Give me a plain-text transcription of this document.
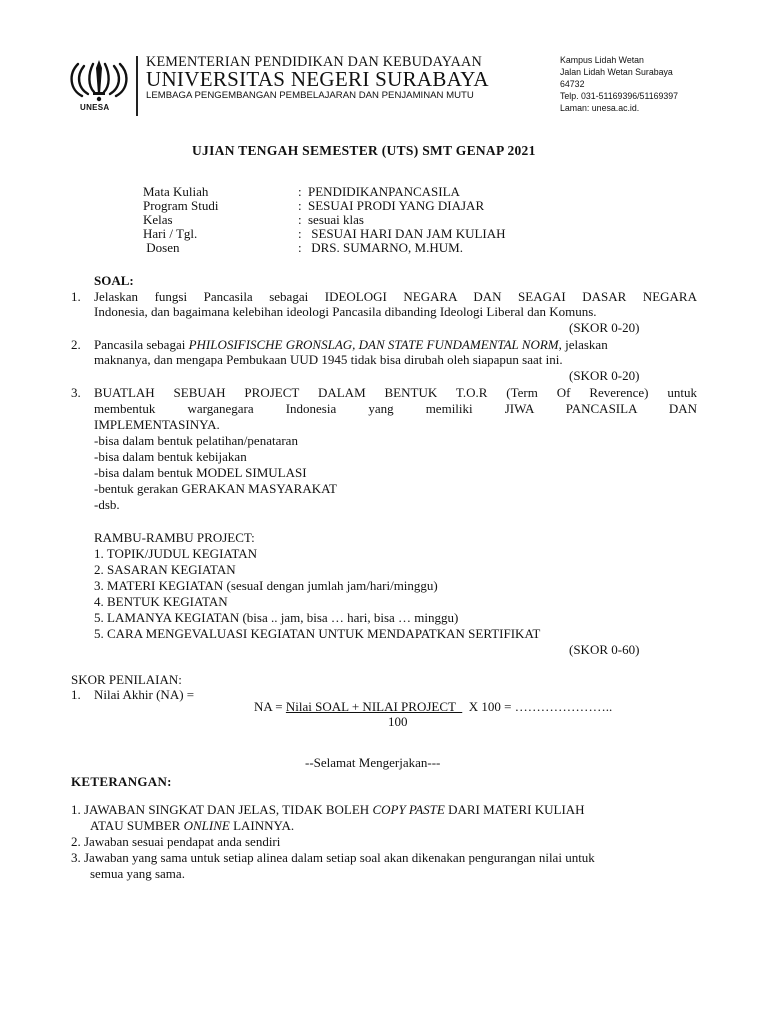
UNESA
KEMENTERIAN PENDIDIKAN DAN KEBUDAYAAN
UNIVERSITAS NEGERI SURABAYA
LEMBAGA PENGEMBANGAN PEMBELAJARAN DAN PENJAMINAN MUTU
Kampus Lidah Wetan
Jalan Lidah Wetan Surabaya
64732
Telp. 031-51169396/51169397
Laman: unesa.ac.id.
UJIAN TENGAH SEMESTER (UTS) SMT GENAP 2021
Mata Kuliah	: PENDIDIKANPANCASILA
Program Studi	: SESUAI PRODI YANG DIAJAR
Kelas	: sesuai klas
Hari / Tgl.	: SESUAI HARI DAN JAM KULIAH
Dosen	: DRS. SUMARNO, M.HUM.
SOAL:
1. Jelaskan fungsi Pancasila sebagai IDEOLOGI NEGARA DAN SEAGAI DASAR NEGARA
Indonesia, dan bagaimana kelebihan ideologi Pancasila dibanding Ideologi Liberal dan Komuns.
(SKOR 0-20)
2. Pancasila sebagai PHILOSIFISCHE GRONSLAG, DAN STATE FUNDAMENTAL NORM, jelaskan
maknanya, dan mengapa Pembukaan UUD 1945 tidak bisa dirubah oleh siapapun saat ini.
(SKOR 0-20)
3. BUATLAH SEBUAH PROJECT DALAM BENTUK T.O.R (Term Of Reverence) untuk
membentuk warganegara Indonesia yang memiliki JIWA PANCASILA DAN
IMPLEMENTASINYA.
-bisa dalam bentuk pelatihan/penataran
-bisa dalam bentuk kebijakan
-bisa dalam bentuk MODEL SIMULASI
-bentuk gerakan GERAKAN MASYARAKAT
-dsb.
RAMBU-RAMBU PROJECT:
1. TOPIK/JUDUL KEGIATAN
2. SASARAN KEGIATAN
3. MATERI KEGIATAN (sesuaI dengan jumlah jam/hari/minggu)
4. BENTUK KEGIATAN
5. LAMANYA KEGIATAN (bisa .. jam, bisa … hari, bisa … minggu)
5. CARA MENGEVALUASI KEGIATAN UNTUK MENDAPATKAN SERTIFIKAT
(SKOR 0-60)
SKOR PENILAIAN:
1. Nilai Akhir (NA) =
NA = Nilai SOAL + NILAI PROJECT    X 100 = …………………..
100
--Selamat Mengerjakan---
KETERANGAN:
1. JAWABAN SINGKAT DAN JELAS, TIDAK BOLEH COPY PASTE DARI MATERI KULIAH
ATAU SUMBER ONLINE LAINNYA.
2. Jawaban sesuai pendapat anda sendiri
3. Jawaban yang sama untuk setiap alinea dalam setiap soal akan dikenakan pengurangan nilai untuk
semua yang sama.
